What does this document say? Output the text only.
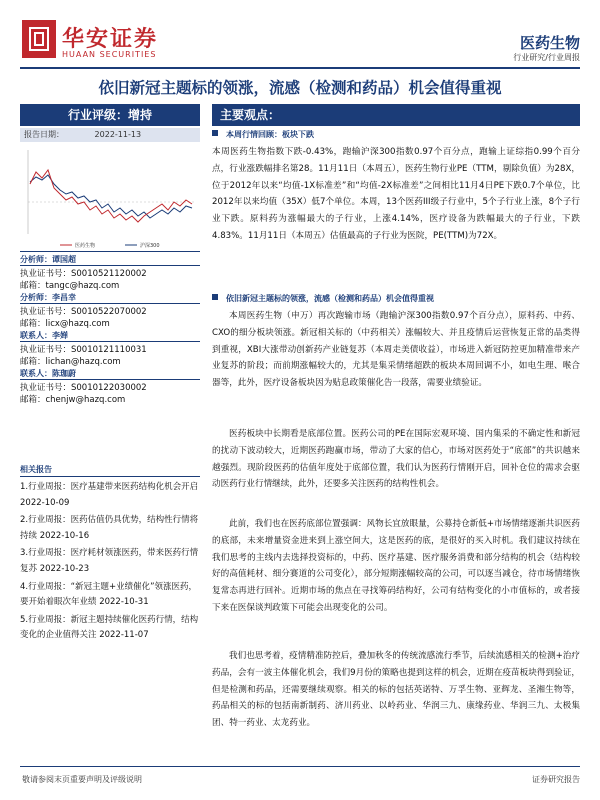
华安证券
HUAAN SECURITIES
医药生物
行业研究/行业周报
依旧新冠主题标的领涨，流感（检测和药品）机会值得重视
行业评级：增持
报告日期：	2022-11-13
医药生物	沪深300
分析师：谭国超
执业证书号：S0010521120002
邮箱：tangc@hazq.com
分析师：李昌幸
执业证书号：S0010522070002
邮箱：licx@hazq.com
联系人：李婵
执业证书号：S0010121110031
邮箱：lichan@hazq.com
联系人：陈珈蔚
执业证书号：S0010122030002
邮箱：chenjw@hazq.com
相关报告
1.行业周报：医疗基建带来医药结构化机会开启 2022-10-09
2.行业周报：医药估值仍具优势，结构性行情将持续 2022-10-16
3.行业周报：医疗耗材领涨医药，带来医药行情复苏 2022-10-23
4.行业周报：“新冠主题+业绩催化”领涨医药，要开始着眼次年业绩 2022-10-31
5.行业周报：新冠主题持续催化医药行情，结构变化的企业值得关注 2022-11-07
主要观点：
本周行情回顾：板块下跌
本周医药生物指数下跌-0.43%，跑输沪深300指数0.97个百分点，跑输上证综指0.99个百分点，行业涨跌幅排名第28。11月11日（本周五），医药生物行业PE（TTM，剔除负值）为28X，位于2012年以来“均值-1X标准差”和“均值-2X标准差”之间相比11月4日PE下跌0.7个单位，比2012年以来均值（35X）低7个单位。本周，13个医药III级子行业中，5个子行业上涨，8个子行业下跌。原料药为涨幅最大的子行业，上涨4.14%，医疗设备为跌幅最大的子行业，下跌4.83%。11月11日（本周五）估值最高的子行业为医院，PE(TTM)为72X。
依旧新冠主题标的领涨，流感（检测和药品）机会值得重视
本周医药生物（申万）再次跑输市场（跑输沪深300指数0.97个百分点），原料药、中药、CXO的细分板块领涨。新冠相关标的（中药相关）涨幅较大、并且疫情后运营恢复正常的品类得到重视，XBI大涨带动创新药产业链复苏（本周走美债收益），市场进入新冠防控更加精准带来产业复苏的阶段；而前期涨幅较大的，尤其是集采情绪超跌的板块本周回调不小，如电生理、喉合器等，此外，医疗设备板块因为贴息政策催化告一段落，需要业绩验证。
医药板块中长期看是底部位置。医药公司的PE在国际宏观环境、国内集采的不确定性和新冠的扰动下波动较大，近期医药跑赢市场，带动了大家的信心，市场对医药处于“底部”的共识越来越强烈。现阶段医药的估值年度处于底部位置，我们认为医药行情刚开启，回补仓位的需求会驱动医药行业行情继续，此外，还要多关注医药的结构性机会。
此前，我们也在医药底部位置强调：风物长宜放眼量，公募持仓新低+市场情绪逐渐共识医药的底部，未来增量资金进来到上涨空间大，这是医药的底，是很好的买入时机。我们建议持续在我们思考的主线内去选择投资标的，中药、医疗基建、医疗服务消费和部分结构的机会（结构较好的高值耗材、细分赛道的公司变化），部分短期涨幅较高的公司，可以逐当减仓，待市场情绪恢复常态再进行回补。近期市场的焦点在寻找筹码结构好，公司有结构变化的小市值标的，或者接下来在医保谈判政策下可能会出现变化的公司。
我们也思考着，疫情精准防控后，叠加秋冬的传统流感流行季节，后续流感相关的检测+治疗药品，会有一波主体催化机会，我们9月份的策略也提到这样的机会，近期在疫苗板块得到验证，但是检测和药品，还需要继续观察。相关的标的包括英诺特、万孚生物、亚辉龙、圣湘生物等，药品相关的标的包括南新制药、济川药业、以岭药业、华润三九、康缘药业、华润三九、太极集团、特一药业、太龙药业。
敬请参阅末页重要声明及评级说明	证券研究报告
